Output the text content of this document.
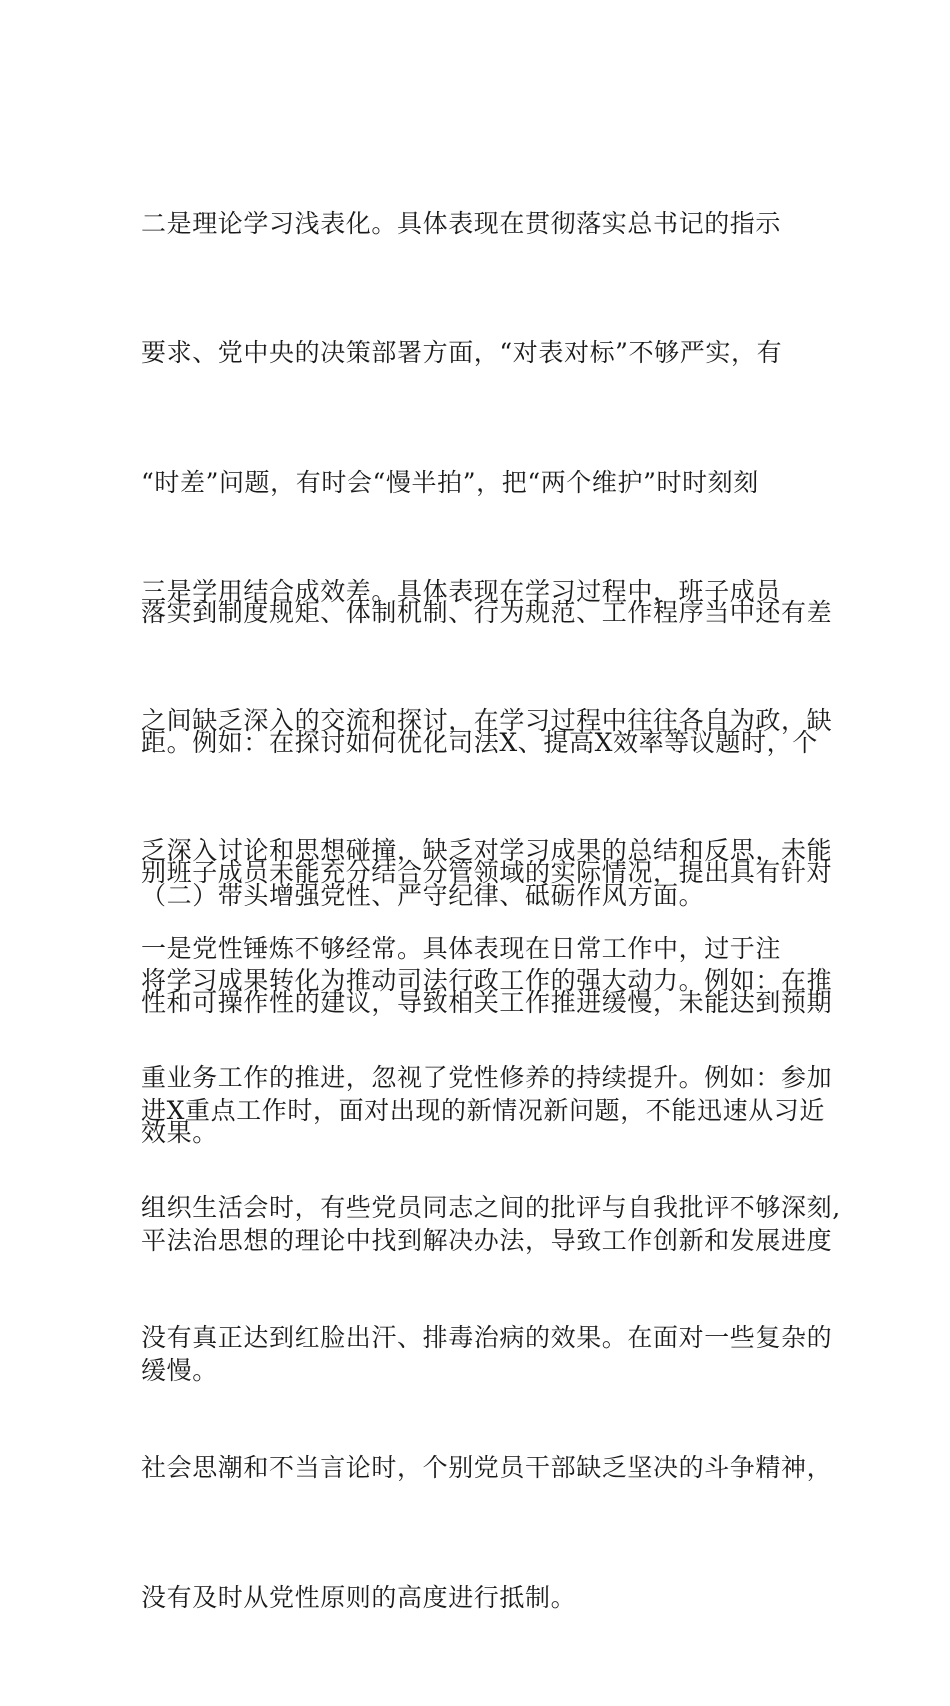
二是理论学习浅表化。具体表现在贯彻落实总书记的指示

要求、党中央的决策部署方面，“对表对标”不够严实，有

“时差”问题，有时会“慢半拍”，把“两个维护”时时刻刻

落实到制度规矩、体制机制、行为规范、工作程序当中还有差

距。例如：在探讨如何优化司法X、提高X效率等议题时，个

别班子成员未能充分结合分管领域的实际情况，提出具有针对

性和可操作性的建议，导致相关工作推进缓慢，未能达到预期

效果。

三是学用结合成效差。具体表现在学习过程中，班子成员

之间缺乏深入的交流和探讨，在学习过程中往往各自为政，缺

乏深入讨论和思想碰撞，缺乏对学习成果的总结和反思，未能

将学习成果转化为推动司法行政工作的强大动力。例如：在推

进X重点工作时，面对出现的新情况新问题，不能迅速从习近

平法治思想的理论中找到解决办法，导致工作创新和发展进度

缓慢。

（二）带头增强党性、严守纪律、砥砺作风方面。

一是党性锤炼不够经常。具体表现在日常工作中，过于注

重业务工作的推进，忽视了党性修养的持续提升。例如：参加

组织生活会时，有些党员同志之间的批评与自我批评不够深刻,

没有真正达到红脸出汗、排毒治病的效果。在面对一些复杂的

社会思潮和不当言论时，个别党员干部缺乏坚决的斗争精神，

没有及时从党性原则的高度进行抵制。
